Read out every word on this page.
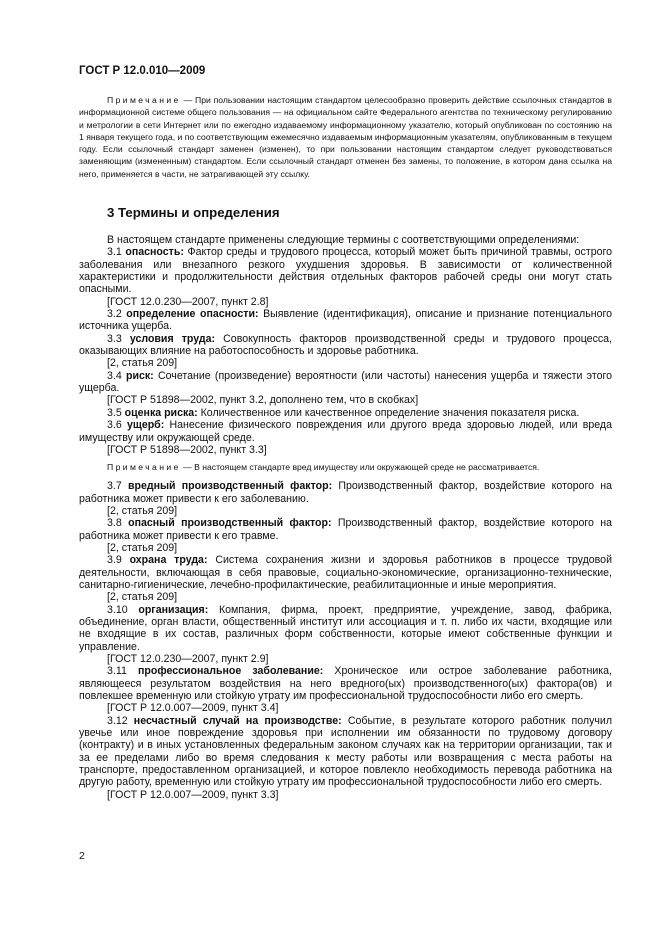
ГОСТ Р 12.0.010—2009

Примечание — При пользовании настоящим стандартом целесообразно проверить действие ссылочных стандартов в информационной системе общего пользования — на официальном сайте Федерального агентства по техническому регулированию и метрологии в сети Интернет или по ежегодно издаваемому информационному указателю, который опубликован по состоянию на 1 января текущего года, и по соответствующим ежемесячно издаваемым информационным указателям, опубликованным в текущем году. Если ссылочный стандарт заменен (изменен), то при пользовании настоящим стандартом следует руководствоваться заменяющим (измененным) стандартом. Если ссылочный стандарт отменен без замены, то положение, в котором дана ссылка на него, применяется в части, не затрагивающей эту ссылку.

3 Термины и определения

В настоящем стандарте применены следующие термины с соответствующими определениями:

3.1 опасность: Фактор среды и трудового процесса, который может быть причиной травмы, острого заболевания или внезапного резкого ухудшения здоровья. В зависимости от количественной характеристики и продолжительности действия отдельных факторов рабочей среды они могут стать опасными.

[ГОСТ 12.0.230—2007, пункт 2.8]

3.2 определение опасности: Выявление (идентификация), описание и признание потенциального источника ущерба.

3.3 условия труда: Совокупность факторов производственной среды и трудового процесса, оказывающих влияние на работоспособность и здоровье работника.

[2, статья 209]

3.4 риск: Сочетание (произведение) вероятности (или частоты) нанесения ущерба и тяжести этого ущерба.

[ГОСТ Р 51898—2002, пункт 3.2, дополнено тем, что в скобках]

3.5 оценка риска: Количественное или качественное определение значения показателя риска.

3.6 ущерб: Нанесение физического повреждения или другого вреда здоровью людей, или вреда имуществу или окружающей среде.

[ГОСТ Р 51898—2002, пункт 3.3]

Примечание — В настоящем стандарте вред имуществу или окружающей среде не рассматривается.

3.7 вредный производственный фактор: Производственный фактор, воздействие которого на работника может привести к его заболеванию.

[2, статья 209]

3.8 опасный производственный фактор: Производственный фактор, воздействие которого на работника может привести к его травме.

[2, статья 209]

3.9 охрана труда: Система сохранения жизни и здоровья работников в процессе трудовой деятельности, включающая в себя правовые, социально-экономические, организационно-технические, санитарно-гигиенические, лечебно-профилактические, реабилитационные и иные мероприятия.

[2, статья 209]

3.10 организация: Компания, фирма, проект, предприятие, учреждение, завод, фабрика, объединение, орган власти, общественный институт или ассоциация и т. п. либо их части, входящие или не входящие в их состав, различных форм собственности, которые имеют собственные функции и управление.

[ГОСТ 12.0.230—2007, пункт 2.9]

3.11 профессиональное заболевание: Хроническое или острое заболевание работника, являющееся результатом воздействия на него вредного(ых) производственного(ых) фактора(ов) и повлекшее временную или стойкую утрату им профессиональной трудоспособности либо его смерть.

[ГОСТ Р 12.0.007—2009, пункт 3.4]

3.12 несчастный случай на производстве: Событие, в результате которого работник получил увечье или иное повреждение здоровья при исполнении им обязанности по трудовому договору (контракту) и в иных установленных федеральным законом случаях как на территории организации, так и за ее пределами либо во время следования к месту работы или возвращения с места работы на транспорте, предоставленном организацией, и которое повлекло необходимость перевода работника на другую работу, временную или стойкую утрату им профессиональной трудоспособности либо его смерть.

[ГОСТ Р 12.0.007—2009, пункт 3.3]

2
